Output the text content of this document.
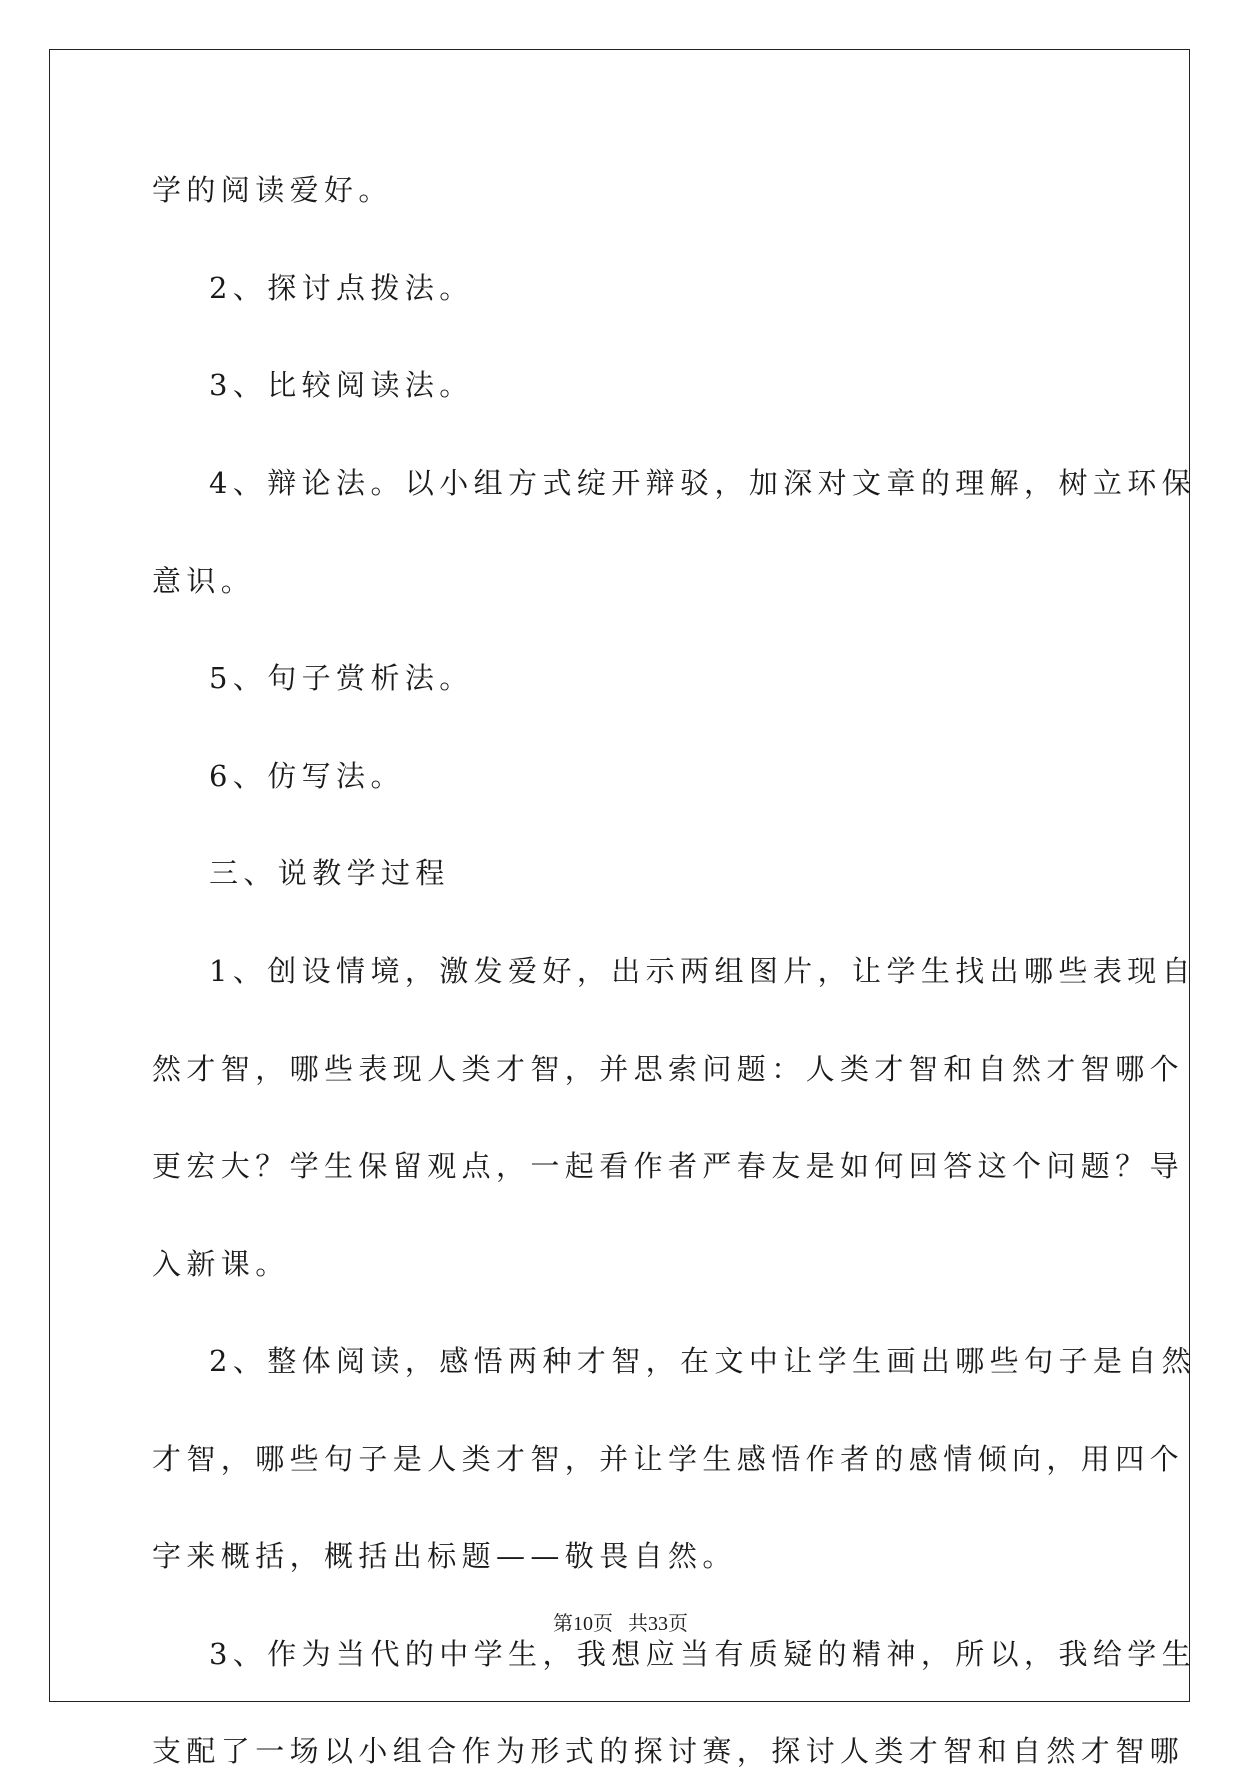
学的阅读爱好。
2、探讨点拨法。
3、比较阅读法。
4、辩论法。以小组方式绽开辩驳，加深对文章的理解，树立环保
意识。
5、句子赏析法。
6、仿写法。
三、说教学过程
1、创设情境，激发爱好，出示两组图片，让学生找出哪些表现自
然才智，哪些表现人类才智，并思索问题：人类才智和自然才智哪个
更宏大？学生保留观点，一起看作者严春友是如何回答这个问题？导
入新课。
2、整体阅读，感悟两种才智，在文中让学生画出哪些句子是自然
才智，哪些句子是人类才智，并让学生感悟作者的感情倾向，用四个
字来概括，概括出标题——敬畏自然。
3、作为当代的中学生，我想应当有质疑的精神，所以，我给学生
支配了一场以小组合作为形式的探讨赛，探讨人类才智和自然才智哪
第10页   共33页
